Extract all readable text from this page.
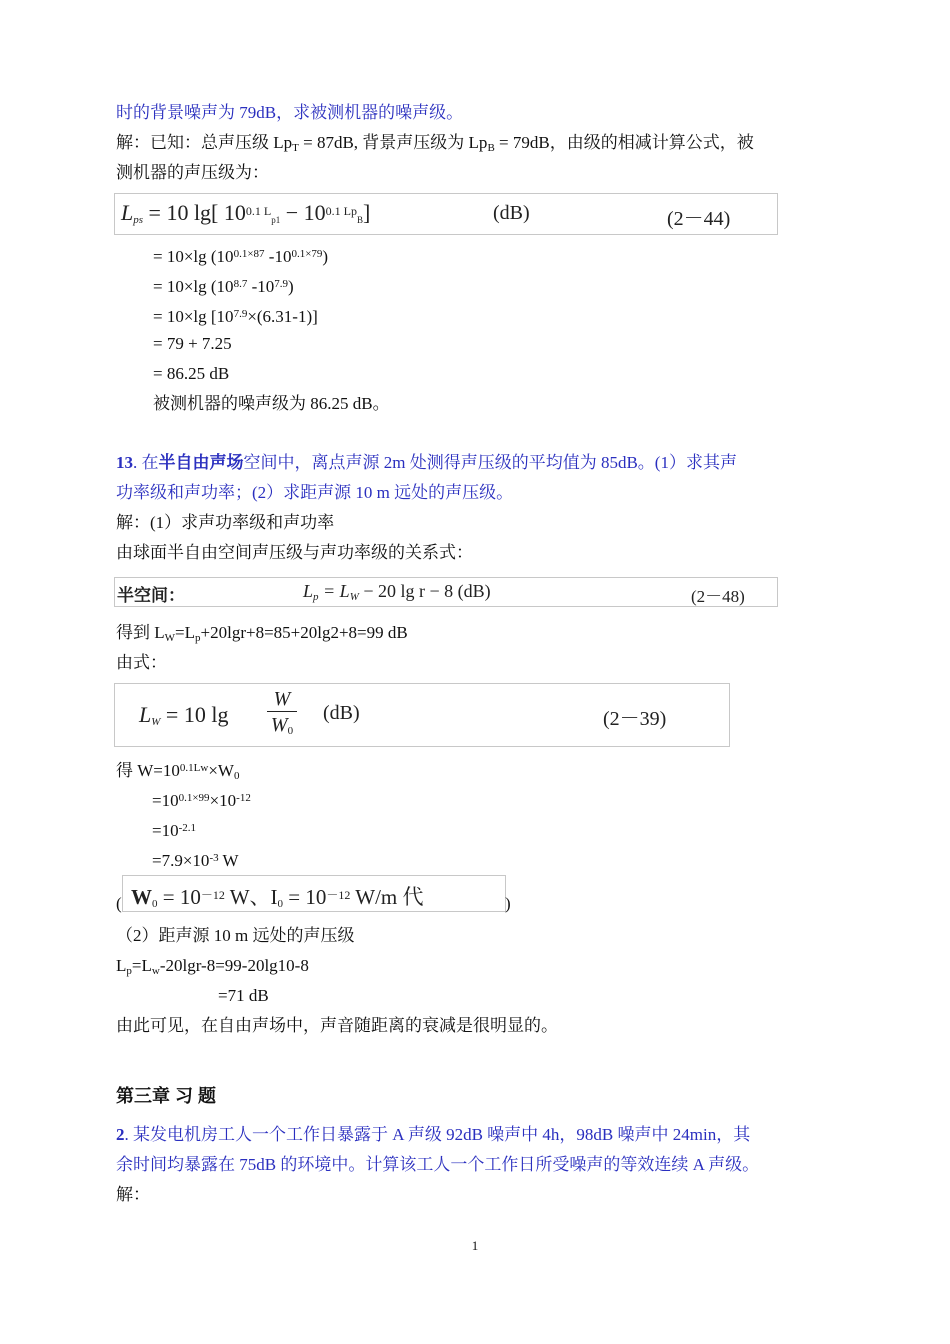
时的背景噪声为 79dB，求被测机器的噪声级。
解：已知：总声压级 $Lp_T = 87dB$, 背景声压级为 $Lp_B = 79dB$，由级的相减计算公式，被
测机器的声压级为：
$L_{ps} = 10$ lg[ $10^{0.1 L}_{p1} - 10^{0.1 Lp}_B$]	(dB)	(2－44)
= 10×lg ($10^{0.1\times 87}$ $-10^{0.1\times 79}$)
= 10×lg ($10^{8.7}$ $-10^{7.9}$)
= 10×lg $[10^{7.9}\times(6.31-1)]$
= 79 + 7.25
= 86.25 dB
被测机器的噪声级为 86.25 dB。
13. 在半自由声场空间中，离点声源 2m 处测得声压级的平均值为 85dB。(1）求其声
功率级和声功率；(2）求距声源 10 m 远处的声压级。
解：(1）求声功率级和声功率
由球面半自由空间声压级与声功率级的关系式：
半空间：	$L_p = L_W - 20$ lg r − 8 (dB)	(2－48)
得到 $L_W=L_p+20\lg r+8=85+20\lg 2+8=99$ dB
由式：
$L_W = 10$ lg
W
$W_0$
(dB)	(2－39)
得 $W=10^{0.1Lw}\times W_0$
$=10^{0.1\times 99}\times 10^{-12}$
$=10^{-2.1}$
$=7.9\times 10^{-3}$ W
( $W_0 = 10^{-12}$ W、$I_0 = 10^{-12}$ W/m 代	)
（2）距声源 10 m 远处的声压级
$L_p=L_w-20\lg r-8=99-20\lg 10-8$
=71 dB
由此可见，在自由声场中，声音随距离的衰减是很明显的。
第三章 习 题
2. 某发电机房工人一个工作日暴露于 A 声级 92dB 噪声中 4h，98dB 噪声中 24min，其
余时间均暴露在 75dB 的环境中。计算该工人一个工作日所受噪声的等效连续 A 声级。
解：
1
